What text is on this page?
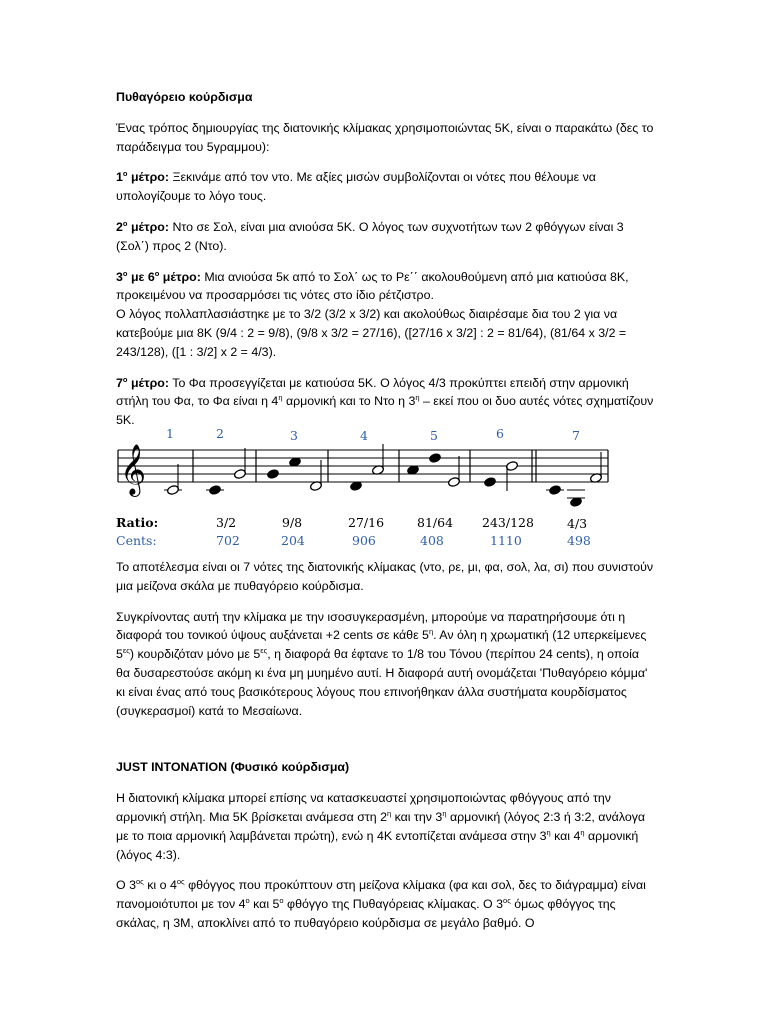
Πυθαγόρειο κούρδισμα

Ένας τρόπος δημιουργίας της διατονικής κλίμακας χρησιμοποιώντας 5Κ, είναι ο παρακάτω (δες το παράδειγμα του 5γραμμου):

$1^o$ μέτρο: Ξεκινάμε από τον ντο. Με αξίες μισών συμβολίζονται οι νότες που θέλουμε να υπολογίζουμε το λόγο τους.

$2^o$ μέτρο: Ντο σε Σολ, είναι μια ανιούσα 5Κ. Ο λόγος των συχνοτήτων των 2 φθόγγων είναι 3 (Σολ΄) προς 2 (Ντο).

$3^o$ με $6^o$ μέτρο: Μια ανιούσα 5κ από το Σολ΄ ως το Ρε΄΄ ακολουθούμενη από μια κατιούσα 8Κ, προκειμένου να προσαρμόσει τις νότες στο ίδιο ρέτζιστρο.
Ο λόγος πολλαπλασιάστηκε με το 3/2 (3/2 x 3/2) και ακολούθως διαιρέσαμε δια του 2 για να κατεβούμε μια 8Κ (9/4 : 2 = 9/8), (9/8 x 3/2 = 27/16), ([27/16 x 3/2] : 2 = 81/64), (81/64 x 3/2 = 243/128), ([1 : 3/2] x 2 = 4/3).

$7^o$ μέτρο: Το Φα προσεγγίζεται με κατιούσα 5Κ. Ο λόγος 4/3 προκύπτει επειδή στην αρμονική στήλη του Φα, το Φα είναι η $4^\eta$ αρμονική και το Ντο η $3^\eta$ – εκεί που οι δυο αυτές νότες σχηματίζουν 5Κ.

1	2	3	4	5	6	7
𝄞
Ratio:	3/2	9/8	27/16	81/64 243/128	4/3
Cents:	702	204	906	408	1110	498

Το αποτέλεσμα είναι οι 7 νότες της διατονικής κλίμακας (ντο, ρε, μι, φα, σολ, λα, σι) που συνιστούν μια μείζονα σκάλα με πυθαγόρειο κούρδισμα.

Συγκρίνοντας αυτή την κλίμακα με την ισοσυγκερασμένη, μπορούμε να παρατηρήσουμε ότι η διαφορά του τονικού ύψους αυξάνεται +2 cents σε κάθε $5^\eta$. Αν όλη η χρωματική (12 υπερκείμενες $5^{\varepsilon\varsigma}$) κουρδιζόταν μόνο με $5^{\varepsilon\varsigma}$, η διαφορά θα έφτανε το 1/8 του Τόνου (περίπου 24 cents), η οποία θα δυσαρεστούσε ακόμη κι ένα μη μυημένο αυτί. Η διαφορά αυτή ονομάζεται 'Πυθαγόρειο κόμμα' κι είναι ένας από τους βασικότερους λόγους που επινοήθηκαν άλλα συστήματα κουρδίσματος (συγκερασμοί) κατά το Μεσαίωνα.

JUST INTONATION (Φυσικό κούρδισμα)

Η διατονική κλίμακα μπορεί επίσης να κατασκευαστεί χρησιμοποιώντας φθόγγους από την αρμονική στήλη. Μια 5Κ βρίσκεται ανάμεσα στη $2^\eta$ και την $3^\eta$ αρμονική (λόγος 2:3 ή 3:2, ανάλογα με το ποια αρμονική λαμβάνεται πρώτη), ενώ η 4Κ εντοπίζεται ανάμεσα στην $3^\eta$ και $4^\eta$ αρμονική (λόγος 4:3).

Ο $3^{o\varsigma}$ κι ο $4^{o\varsigma}$ φθόγγος που προκύπτουν στη μείζονα κλίμακα (φα και σολ, δες το διάγραμμα) είναι πανομοιότυποι με τον $4^o$ και $5^o$ φθόγγο της Πυθαγόρειας κλίμακας. Ο $3^{o\varsigma}$ όμως φθόγγος της σκάλας, η 3Μ, αποκλίνει από το πυθαγόρειο κούρδισμα σε μεγάλο βαθμό. Ο
